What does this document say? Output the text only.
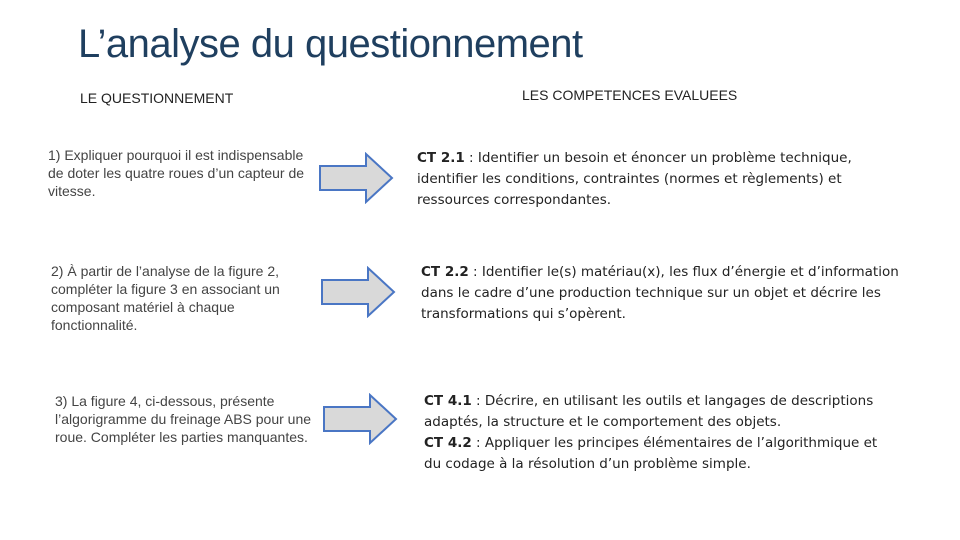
L’analyse du questionnement
LE QUESTIONNEMENT	LES COMPETENCES EVALUEES
1) Expliquer pourquoi il est indispensable de doter les quatre roues d’un capteur de vitesse.
2) À partir de l’analyse de la figure 2, compléter la figure 3 en associant un composant matériel à chaque fonctionnalité.
3) La figure 4, ci-dessous, présente l’algorigramme du freinage ABS pour une roue. Compléter les parties manquantes.
CT 2.1 : Identifier un besoin et énoncer un problème technique, identifier les conditions, contraintes (normes et règlements) et ressources correspondantes.
CT 2.2 : Identifier le(s) matériau(x), les flux d’énergie et d’information dans le cadre d’une production technique sur un objet et décrire les transformations qui s’opèrent.
CT 4.1 : Décrire, en utilisant les outils et langages de descriptions adaptés, la structure et le comportement des objets.
CT 4.2 : Appliquer les principes élémentaires de l’algorithmique et du codage à la résolution d’un problème simple.
